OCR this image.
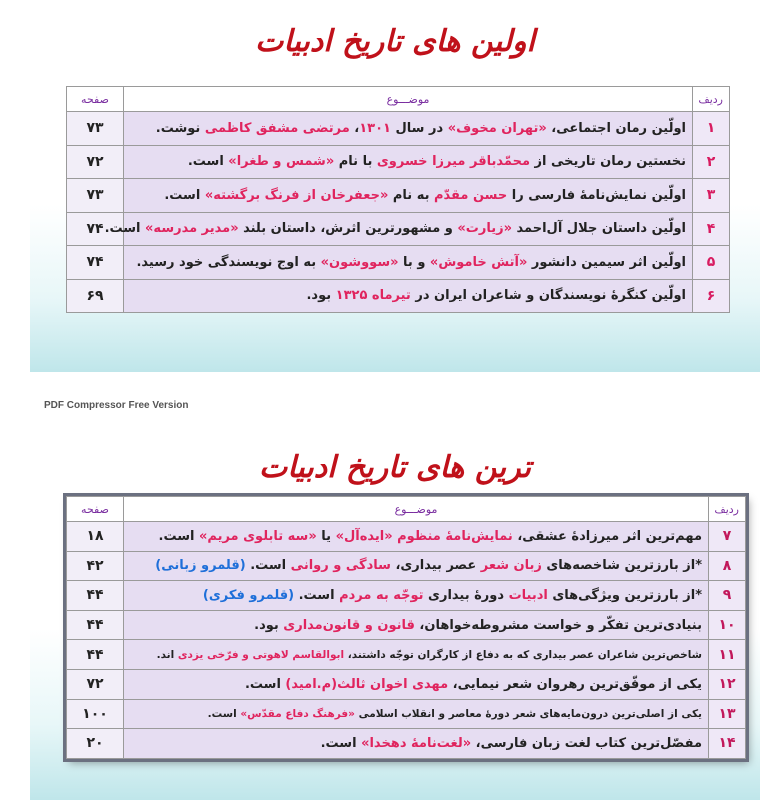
اولین های تاریخ ادبیات
ردیف	موضـــوع	صفحه
۱	اولّین رمان اجتماعی، «تهران مخوف» در سال ۱۳۰۱، مرتضی مشفق کاظمی نوشت.	۷۳
۲	نخستین رمان تاریخی از محمّدباقر میرزا خسروی با نام «شمس و طغرا» است.	۷۲
۳	اولّین نمایش‌نامهٔ فارسی را حسن مقدّم به نام «جعفرخان از فرنگ برگشته» است.	۷۳
۴	اولّین داستان جلال آل‌احمد «زیارت» و مشهورترین اثرش، داستان بلند «مدیر مدرسه» است.	۷۴
۵	اولّین اثر سیمین دانشور «آتش خاموش» و با «سووشون» به اوج نویسندگی خود رسید.	۷۴
۶	اولّین کنگرهٔ نویسندگان و شاعران ایران در تیرماه ۱۳۲۵ بود.	۶۹
PDF Compressor Free Version
ترین های تاریخ ادبیات
ردیف	موضـــوع	صفحه
۷	مهم‌ترین اثر میرزادهٔ عشقی، نمایش‌نامهٔ منظوم «ایده‌آل» یا «سه تابلوی مریم» است.	۱۸
۸	*از بارزترین شاخصه‌های زبان شعر عصر بیداری، سادگی و روانی است. (قلمرو زبانی)	۴۲
۹	*از بارزترین ویژگی‌های ادبیات دورهٔ بیداری توجّه به مردم است. (قلمرو فکری)	۴۴
۱۰	بنیادی‌ترین تفکّر و خواست مشروطه‌خواهان، قانون و قانون‌مداری بود.	۴۴
۱۱	شاخص‌ترین شاعران عصر بیداری که به دفاع از کارگران توجّه داشتند، ابوالقاسم لاهوتی و فرّخی یزدی اند.	۴۴
۱۲	یکی از موفّق‌ترین رهروان شعر نیمایی، مهدی اخوان ثالث(م.امید) است.	۷۲
۱۳	یکی از اصلی‌ترین درون‌مایه‌های شعر دورهٔ معاصر و انقلاب اسلامی «فرهنگ دفاع مقدّس» است.	۱۰۰
۱۴	مفصّل‌ترین کتاب لغت زبان فارسی، «لغت‌نامهٔ دهخدا» است.	۲۰
